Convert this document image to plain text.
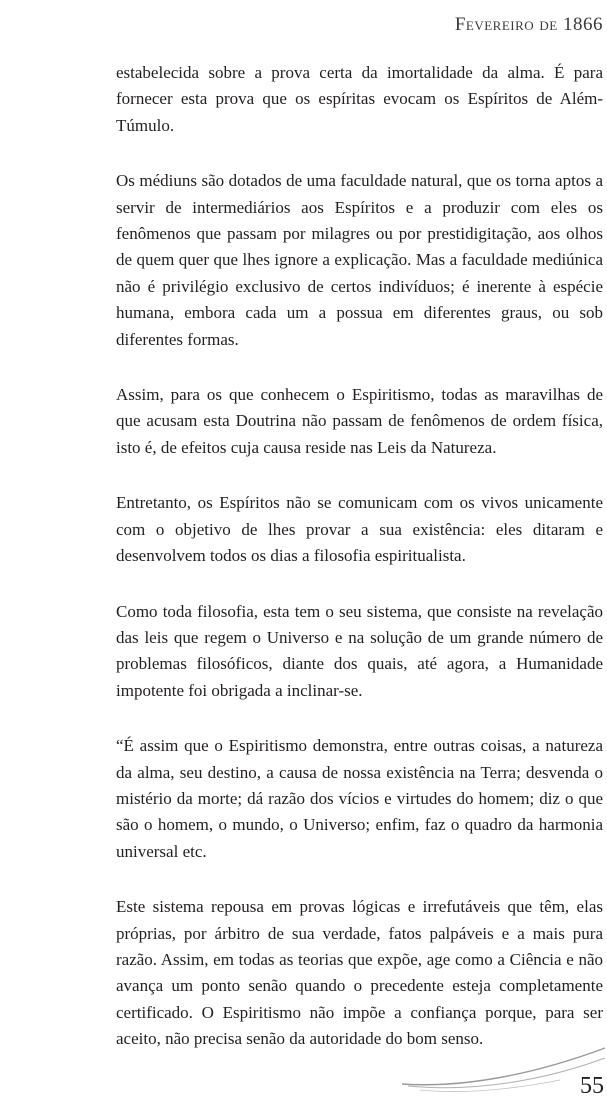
Fevereiro de 1866

estabelecida sobre a prova certa da imortalidade da alma. É para fornecer esta prova que os espíritas evocam os Espíritos de Além-Túmulo.

Os médiuns são dotados de uma faculdade natural, que os torna aptos a servir de intermediários aos Espíritos e a produzir com eles os fenômenos que passam por milagres ou por prestidigitação, aos olhos de quem quer que lhes ignore a explicação. Mas a faculdade mediúnica não é privilégio exclusivo de certos indivíduos; é inerente à espécie humana, embora cada um a possua em diferentes graus, ou sob diferentes formas.

Assim, para os que conhecem o Espiritismo, todas as maravilhas de que acusam esta Doutrina não passam de fenômenos de ordem física, isto é, de efeitos cuja causa reside nas Leis da Natureza.

Entretanto, os Espíritos não se comunicam com os vivos unicamente com o objetivo de lhes provar a sua existência: eles ditaram e desenvolvem todos os dias a filosofia espiritualista.

Como toda filosofia, esta tem o seu sistema, que consiste na revelação das leis que regem o Universo e na solução de um grande número de problemas filosóficos, diante dos quais, até agora, a Humanidade impotente foi obrigada a inclinar-se.

“É assim que o Espiritismo demonstra, entre outras coisas, a natureza da alma, seu destino, a causa de nossa existência na Terra; desvenda o mistério da morte; dá razão dos vícios e virtudes do homem; diz o que são o homem, o mundo, o Universo; enfim, faz o quadro da harmonia universal etc.

Este sistema repousa em provas lógicas e irrefutáveis que têm, elas próprias, por árbitro de sua verdade, fatos palpáveis e a mais pura razão. Assim, em todas as teorias que expõe, age como a Ciência e não avança um ponto senão quando o precedente esteja completamente certificado. O Espiritismo não impõe a confiança porque, para ser aceito, não precisa senão da autoridade do bom senso.

55
